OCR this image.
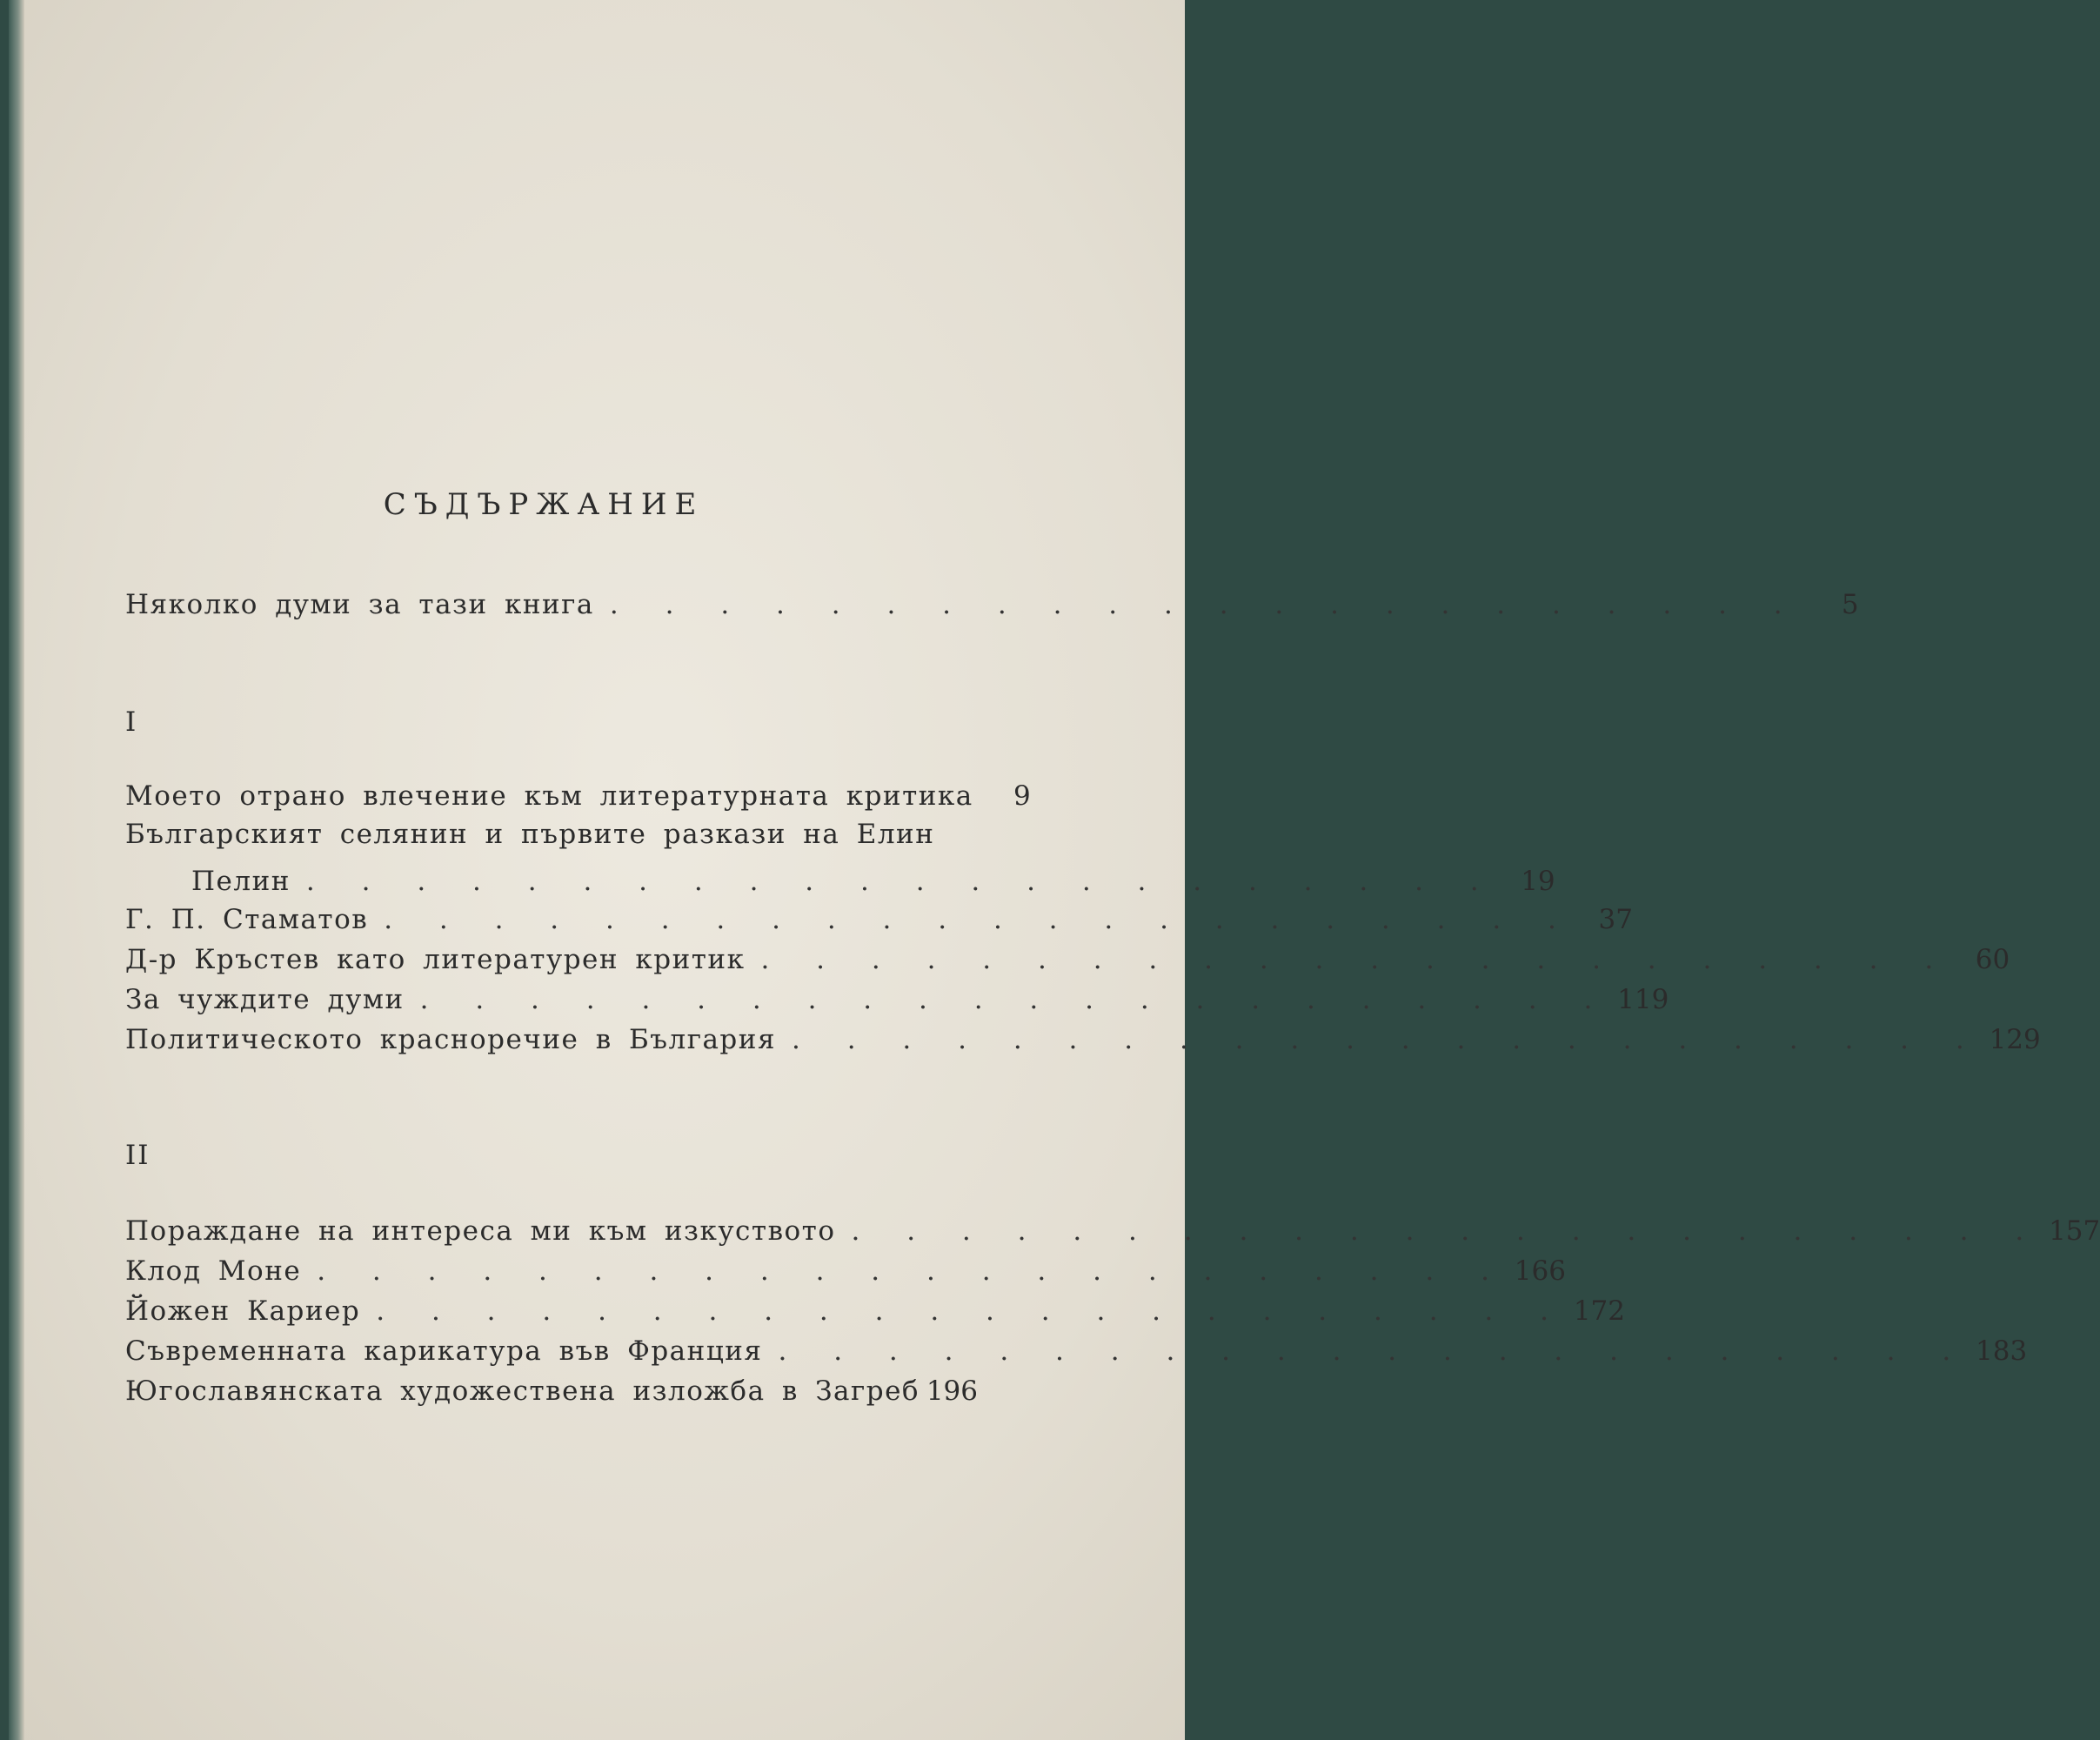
СЪДЪРЖАНИЕ
Няколко думи за тази книга . . . . . . . . . . . . . . . . . . . . . .	5
I
Моето отрано влечение към литературната критика	9
Българският селянин и първите разкази на Елин
Пелин . . . . . . . . . . . . . . . . . . . . . . 19
Г. П. Стаматов . . . . . . . . . . . . . . . . . . . . . . 37
Д-р Кръстев като литературен критик . . . . . . . . . . . . . . . . . . . . . . 60
За чуждите думи . . . . . . . . . . . . . . . . . . . . . . 119
Политическото красноречие в България . . . . . . . . . . . . . . . . . . . . . . 129
II
Пораждане на интереса ми към изкуството . . . . . . . . . . . . . . . . . . . . . . 157
Клод Моне . . . . . . . . . . . . . . . . . . . . . . 166
Йожен Кариер . . . . . . . . . . . . . . . . . . . . . . 172
Съвременната карикатура във Франция . . . . . . . . . . . . . . . . . . . . . . 183
Югославянската художествена изложба в Загреб 196
